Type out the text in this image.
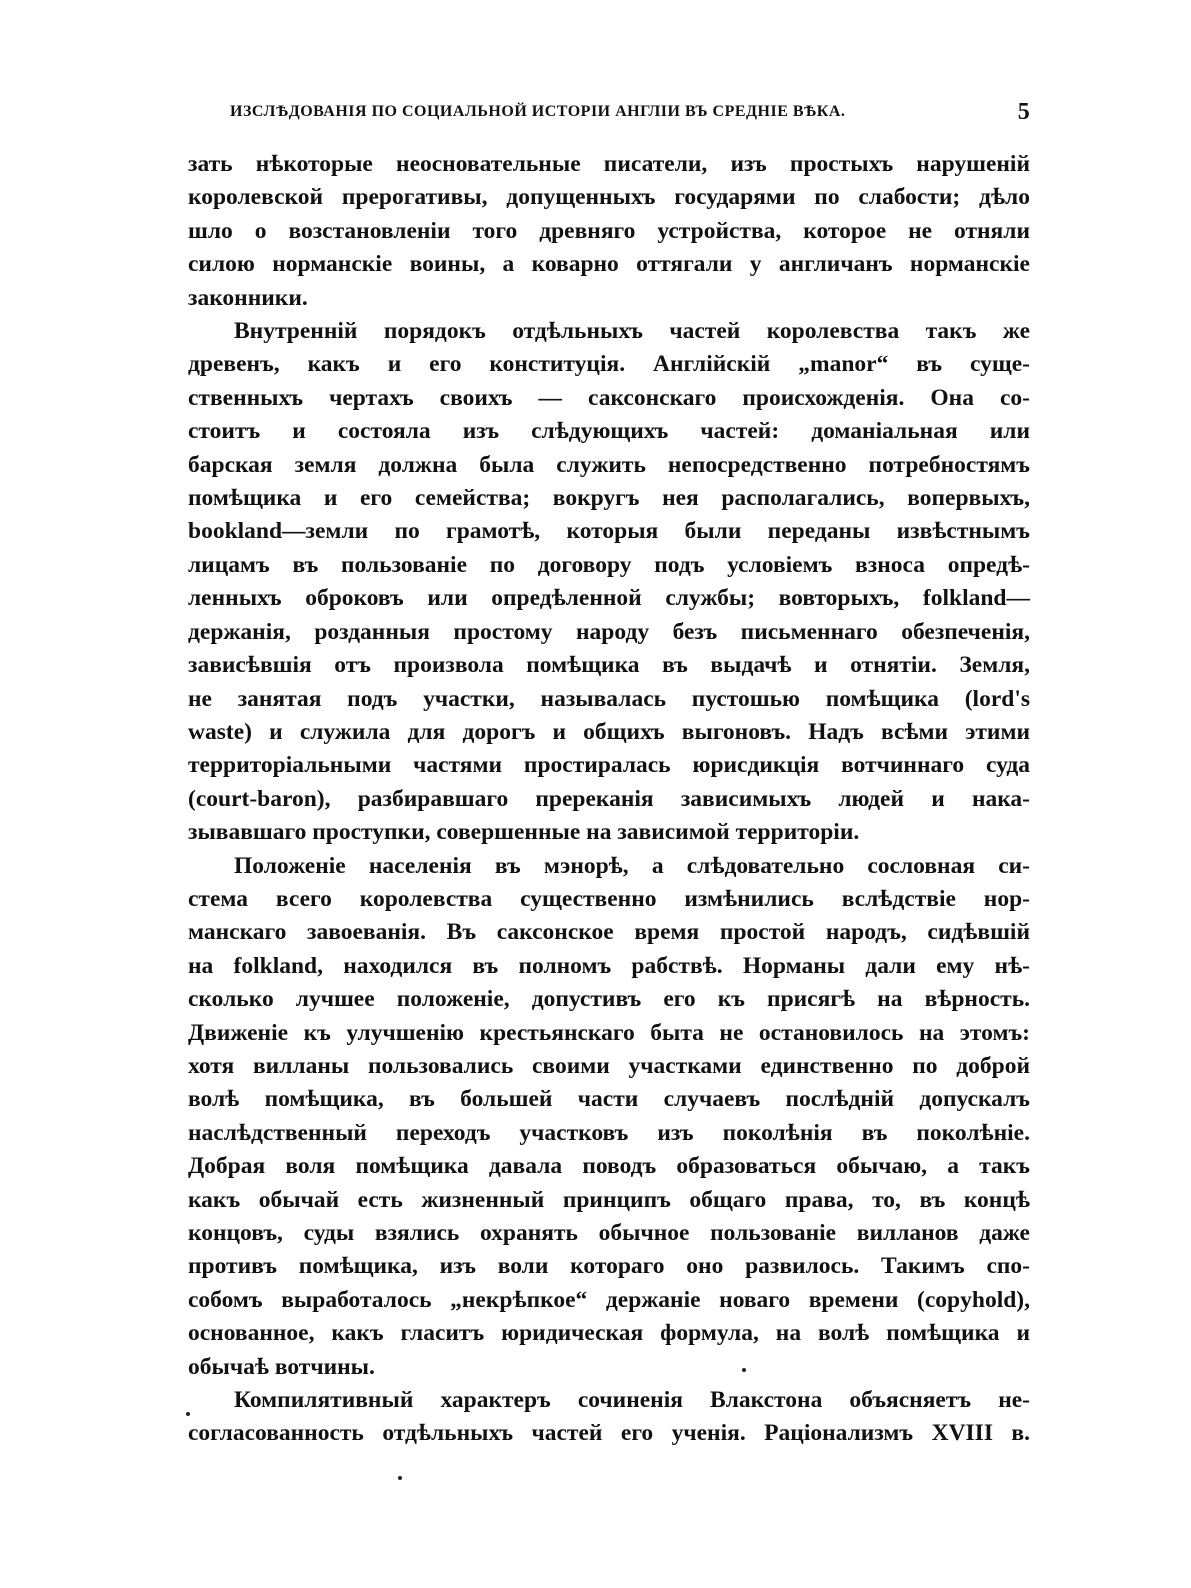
ИЗСЛѢДОВАНІЯ ПО СОЦИАЛЬНОЙ ИСТОРІИ АНГЛІИ ВЪ СРЕДНІЕ ВѢКА.	5

зать нѣкоторые неосновательные писатели, изъ простыхъ нарушеній
королевской прерогативы, допущенныхъ государями по слабости; дѣло
шло о возстановленіи того древняго устройства, которое не отняли
силою норманскіе воины, а коварно оттягали у англичанъ норманскіе
законники.

Внутренній порядокъ отдѣльныхъ частей королевства такъ же
древенъ, какъ и его конституція. Англійскій „manor“ въ суще-
ственныхъ чертахъ своихъ — саксонскаго происхожденія. Она со-
стоитъ и состояла изъ слѣдующихъ частей: доманіальная или
барская земля должна была служить непосредственно потребностямъ
помѣщика и его семейства; вокругъ нея располагались, вопервыхъ,
bookland—земли по грамотѣ, которыя были переданы извѣстнымъ
лицамъ въ пользованіе по договору подъ условіемъ взноса опредѣ-
ленныхъ оброковъ или опредѣленной службы; вовторыхъ, folkland—
держанія, розданныя простому народу безъ письменнаго обезпеченія,
зависѣвшія отъ произвола помѣщика въ выдачѣ и отнятіи. Земля,
не занятая подъ участки, называлась пустошью помѣщика (lord's
waste) и служила для дорогъ и общихъ выгоновъ. Надъ всѣми этими
территоріальными частями простиралась юрисдикція вотчиннаго суда
(court-baron), разбиравшаго пререканія зависимыхъ людей и нака-
зывавшаго проступки, совершенные на зависимой территоріи.

Положеніе населенія въ мэнорѣ, а слѣдовательно сословная си-
стема всего королевства существенно измѣнились вслѣдствіе нор-
манскаго завоеванія. Въ саксонское время простой народъ, сидѣвшій
на folkland, находился въ полномъ рабствѣ. Норманы дали ему нѣ-
сколько лучшее положеніе, допустивъ его къ присягѣ на вѣрность.
Движеніе къ улучшенію крестьянскаго быта не остановилось на этомъ:
хотя вилланы пользовались своими участками единственно по доброй
волѣ помѣщика, въ большей части случаевъ послѣдній допускалъ
наслѣдственный переходъ участковъ изъ поколѣнія въ поколѣніе.
Добрая воля помѣщика давала поводъ образоваться обычаю, а такъ
какъ обычай есть жизненный принципъ общаго права, то, въ концѣ
концовъ, суды взялись охранять обычное пользованіе вилланов даже
противъ помѣщика, изъ воли котораго оно развилось. Такимъ спо-
собомъ выработалось „некрѣпкое“ держаніе новаго времени (copyhold),
основанное, какъ гласитъ юридическая формула, на волѣ помѣщика и
обычаѣ вотчины.

Компилятивный характеръ сочиненія Влакстона объясняетъ не-
согласованность отдѣльныхъ частей его ученія. Раціонализмъ XVIII в.
